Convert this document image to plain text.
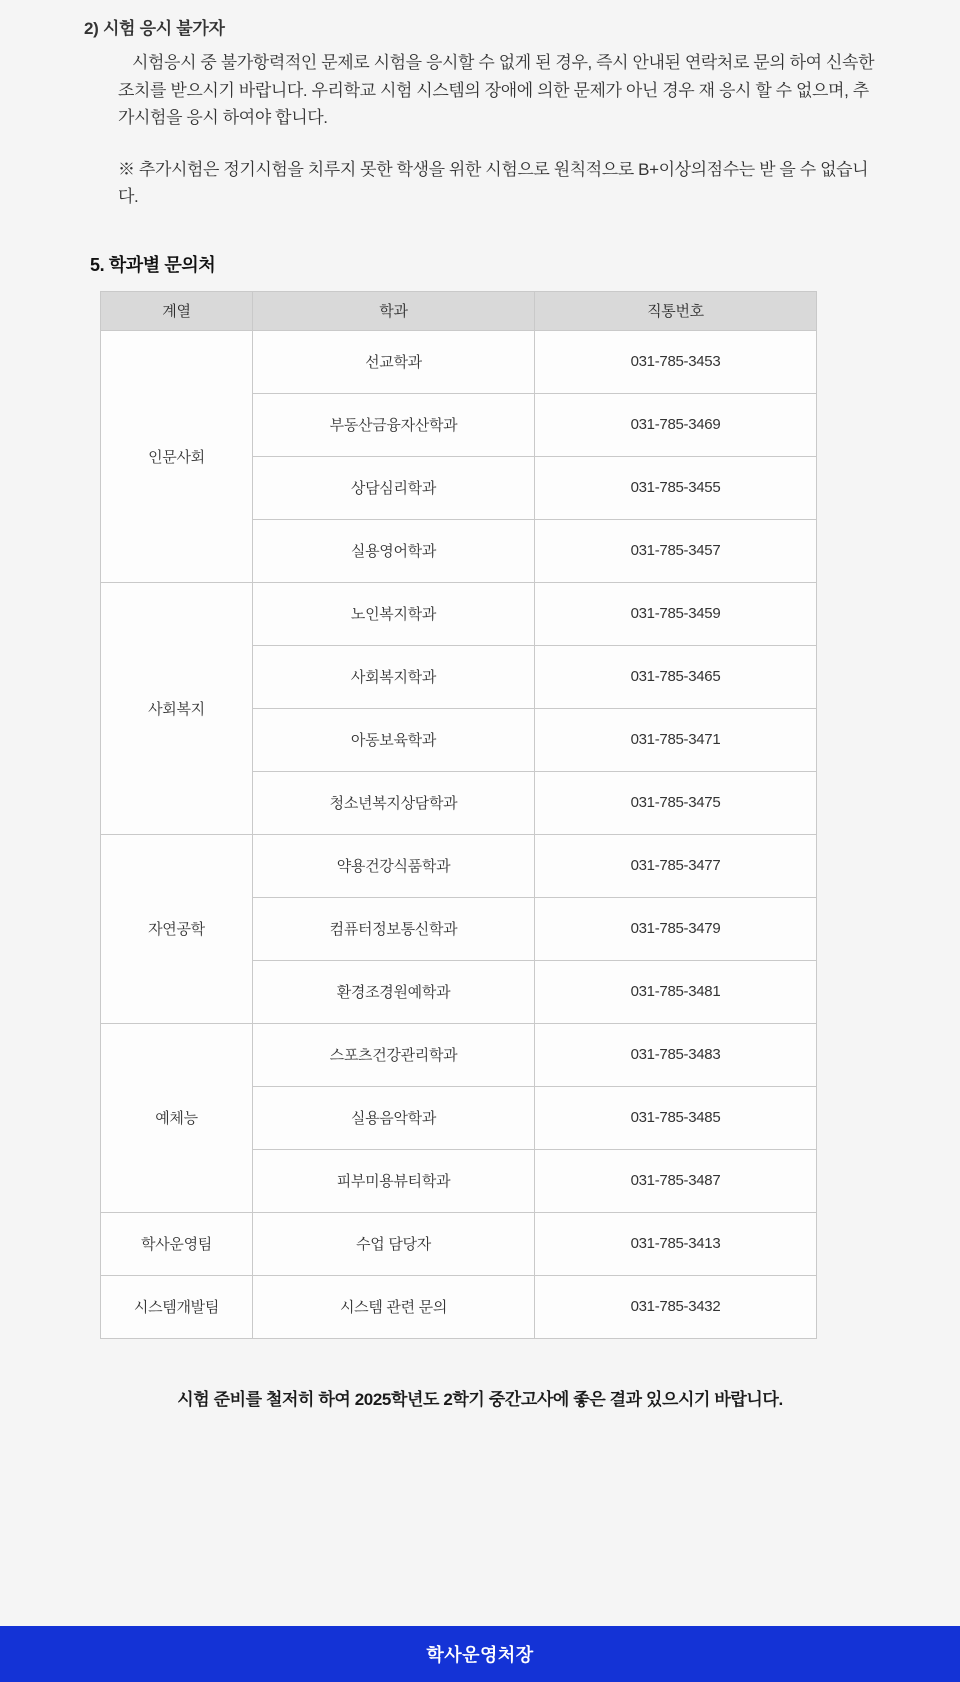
2) 시험 응시 불가자

시험응시 중 불가항력적인 문제로 시험을 응시할 수 없게 된 경우, 즉시 안내된 연락처로 문의 하여 신속한 조치를 받으시기 바랍니다. 우리학교 시험 시스템의 장애에 의한 문제가 아닌 경우 재 응시 할 수 없으며, 추가시험을 응시 하여야 합니다.

※ 추가시험은 정기시험을 치루지 못한 학생을 위한 시험으로 원칙적으로 B+이상의점수는 받 을 수 없습니다.

5. 학과별 문의처
계열	학과	직통번호
인문사회	선교학과	031-785-3453
	부동산금융자산학과	031-785-3469
	상담심리학과	031-785-3455
	실용영어학과	031-785-3457
사회복지	노인복지학과	031-785-3459
	사회복지학과	031-785-3465
	아동보육학과	031-785-3471
	청소년복지상담학과	031-785-3475
자연공학	약용건강식품학과	031-785-3477
	컴퓨터정보통신학과	031-785-3479
	환경조경원예학과	031-785-3481
예체능	스포츠건강관리학과	031-785-3483
	실용음악학과	031-785-3485
	피부미용뷰티학과	031-785-3487
학사운영팀	수업 담당자	031-785-3413
시스템개발팀	시스템 관련 문의	031-785-3432
시험 준비를 철저히 하여 2025학년도 2학기 중간고사에 좋은 결과 있으시기 바랍니다.
학사운영처장
